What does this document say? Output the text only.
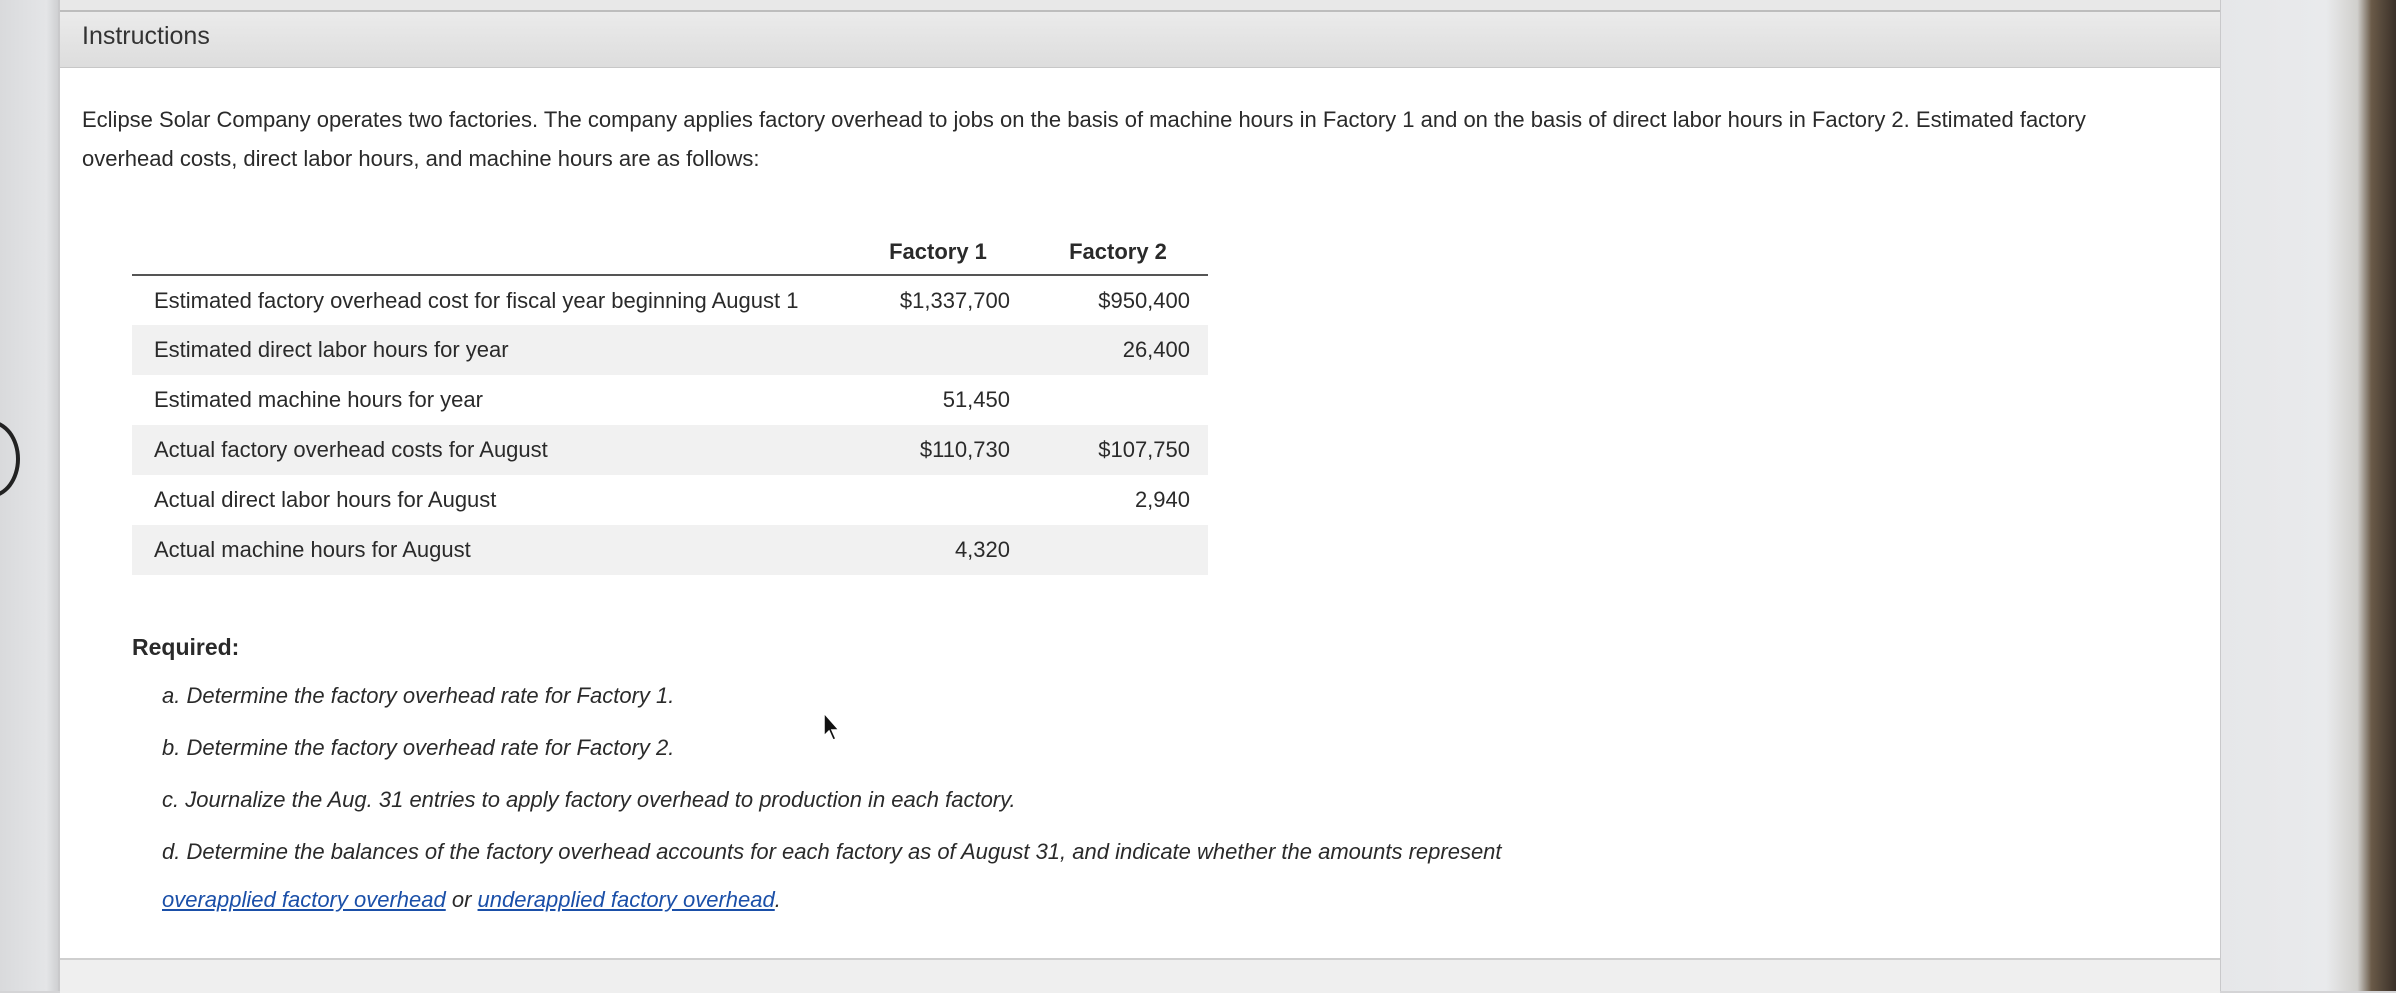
Instructions

Eclipse Solar Company operates two factories. The company applies factory overhead to jobs on the basis of machine hours in Factory 1 and on the basis of direct labor hours in Factory 2. Estimated factory overhead costs, direct labor hours, and machine hours are as follows:

	Factory 1	Factory 2
Estimated factory overhead cost for fiscal year beginning August 1	$1,337,700	$950,400
Estimated direct labor hours for year		26,400
Estimated machine hours for year	51,450	
Actual factory overhead costs for August	$110,730	$107,750
Actual direct labor hours for August		2,940
Actual machine hours for August	4,320	
Required:
a. Determine the factory overhead rate for Factory 1.
b. Determine the factory overhead rate for Factory 2.
c. Journalize the Aug. 31 entries to apply factory overhead to production in each factory.
d. Determine the balances of the factory overhead accounts for each factory as of August 31, and indicate whether the amounts represent
overapplied factory overhead or underapplied factory overhead.
